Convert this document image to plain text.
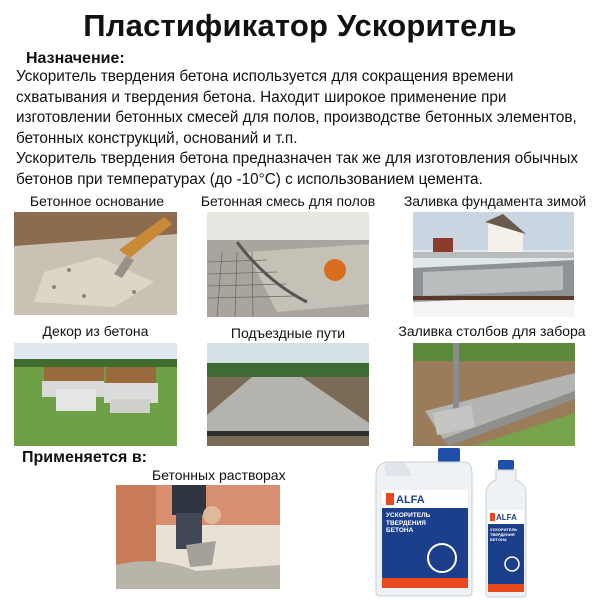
Пластификатор Ускоритель
Назначение:

Ускоритель твердения бетона используется для сокращения времени схватывания и твердения бетона. Находит широкое применение при изготовлении бетонных смесей для полов, производстве бетонных элементов, бетонных конструкций, оснований и т.п.

Ускоритель твердения бетона предназначен так же для изготовления обычных бетонов при температурах (до -10°С) с использованием цемента.

Бетонное основание	Бетонная смесь для полов	Заливка фундамента зимой
Декор из бетона	Подъездные пути	Заливка столбов для забора
Применяется в:
Бетонных растворах
ALFA
УСКОРИТЕЛЬ
ТВЕРДЕНИЯ
БЕТОНА
ALFA
УСКОРИТЕЛЬ
ТВЕРДЕНИЯ
БЕТОНА
